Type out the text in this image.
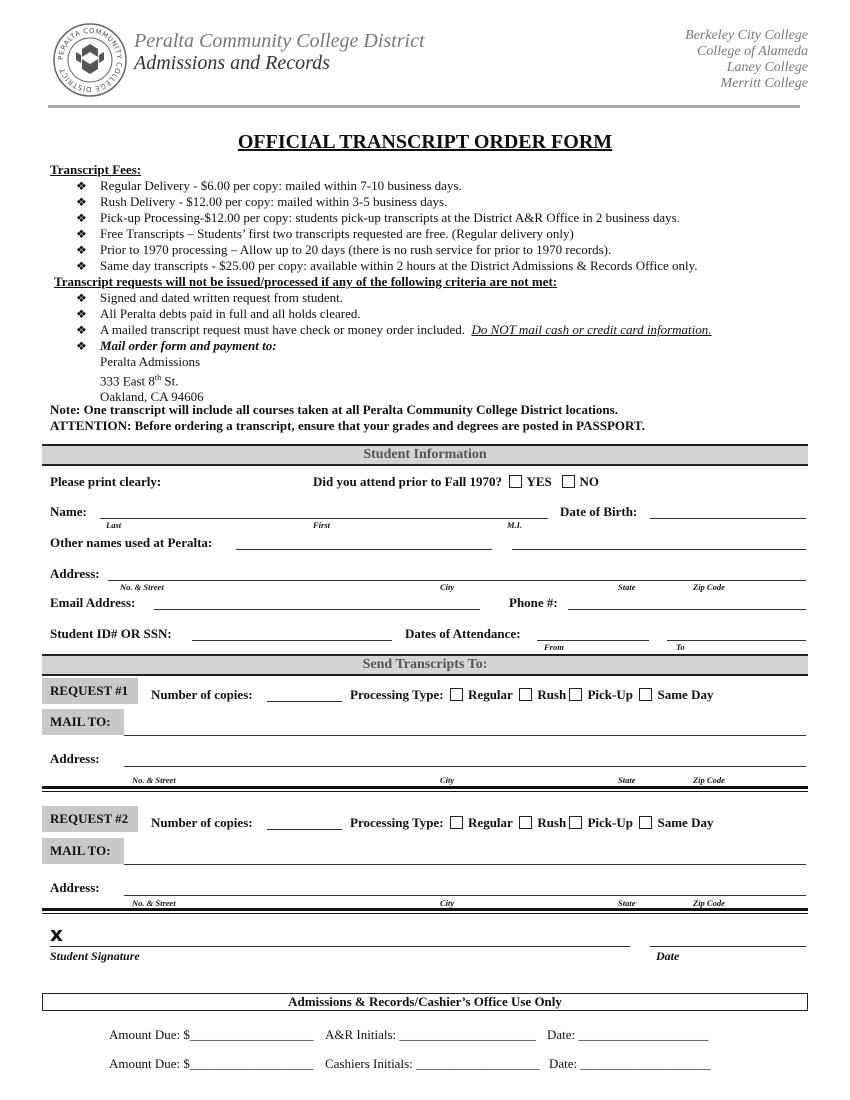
PERALTA COMMUNITY COLLEGE DISTRICT
Peralta Community College District
Admissions and Records
Berkeley City College
College of Alameda
Laney College
Merritt College
OFFICIAL TRANSCRIPT ORDER FORM
Transcript Fees:
❖ Regular Delivery - $6.00 per copy: mailed within 7-10 business days.
❖ Rush Delivery - $12.00 per copy: mailed within 3-5 business days.
❖ Pick-up Processing-$12.00 per copy: students pick-up transcripts at the District A&R Office in 2 business days.
❖ Free Transcripts – Students’ first two transcripts requested are free. (Regular delivery only)
❖ Prior to 1970 processing – Allow up to 20 days (there is no rush service for prior to 1970 records).
❖ Same day transcripts - $25.00 per copy: available within 2 hours at the District Admissions & Records Office only.
Transcript requests will not be issued/processed if any of the following criteria are not met:
❖ Signed and dated written request from student.
❖ All Peralta debts paid in full and all holds cleared.
❖ A mailed transcript request must have check or money order included. Do NOT mail cash or credit card information.
❖ Mail order form and payment to:
Peralta Admissions
333 East 8th St.
Oakland, CA 94606
Note: One transcript will include all courses taken at all Peralta Community College District locations.
ATTENTION: Before ordering a transcript, ensure that your grades and degrees are posted in PASSPORT.
Student Information
Please print clearly:	Did you attend prior to Fall 1970? YES NO
Name:
Last	First	M.I.
Date of Birth:
Other names used at Peralta:
Address:
No. & Street	City	State	Zip Code
Email Address:	Phone #:
Student ID# OR SSN:	Dates of Attendance:
From	To
Send Transcripts To:
REQUEST #1	Number of copies:	Processing Type: Regular Rush Pick-Up Same Day
MAIL TO:
Address:
No. & Street	City	State	Zip Code
REQUEST #2	Number of copies:	Processing Type: Regular Rush Pick-Up Same Day
MAIL TO:
Address:
No. & Street	City	State	Zip Code
x
Student Signature	Date
Admissions & Records/Cashier’s Office Use Only
Amount Due: $___________________ A&R Initials: _____________________ Date: ____________________
Amount Due: $___________________ Cashiers Initials: ___________________ Date: ____________________
